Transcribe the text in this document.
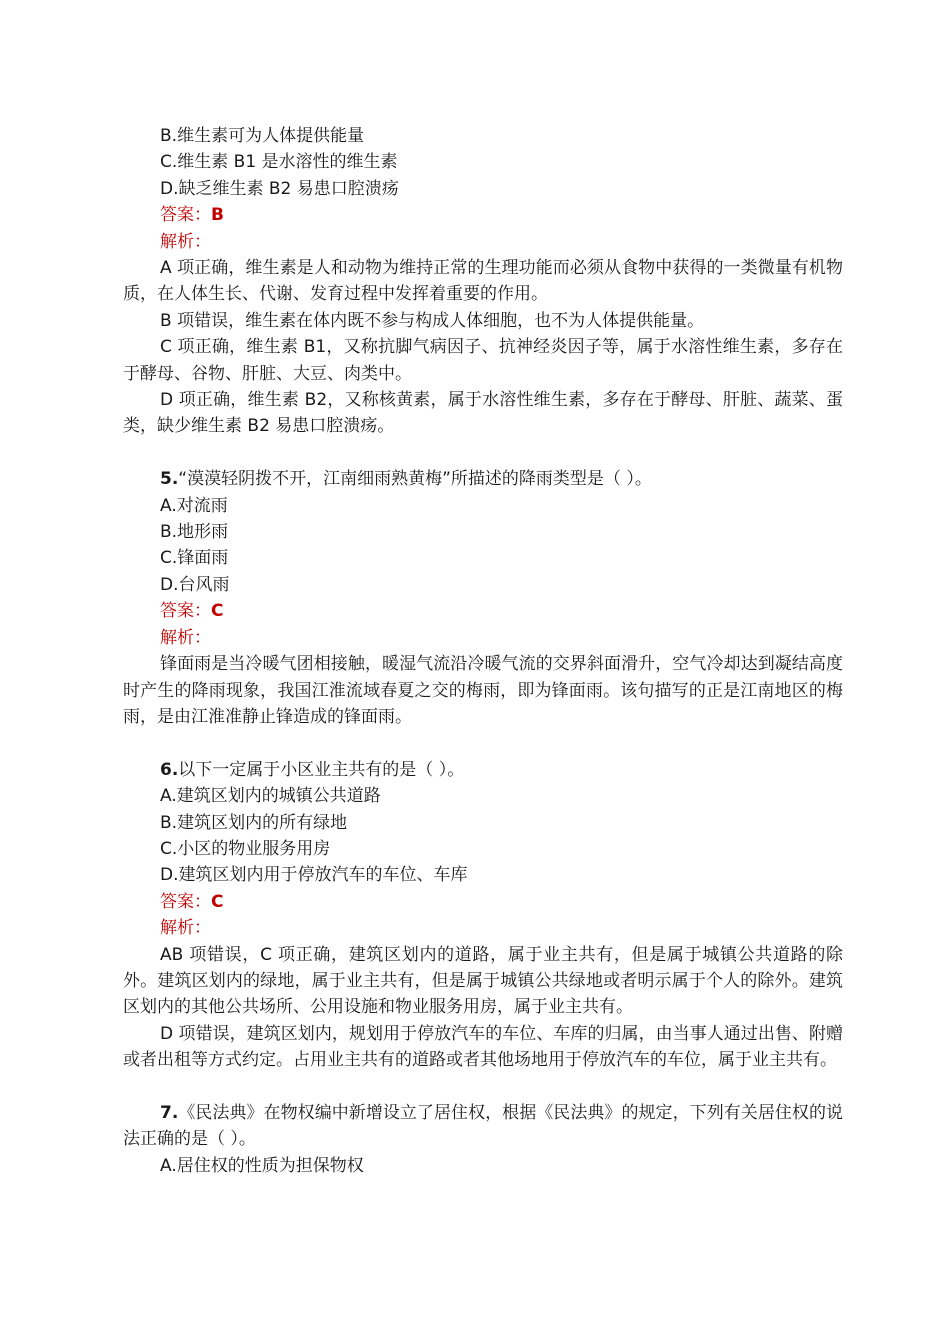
B.维生素可为人体提供能量
C.维生素 B1 是水溶性的维生素
D.缺乏维生素 B2 易患口腔溃疡
答案：B
解析：

A 项正确，维生素是人和动物为维持正常的生理功能而必须从食物中获得的一类微量有机物质，在人体生长、代谢、发育过程中发挥着重要的作用。

B 项错误，维生素在体内既不参与构成人体细胞，也不为人体提供能量。

C 项正确，维生素 B1，又称抗脚气病因子、抗神经炎因子等，属于水溶性维生素，多存在于酵母、谷物、肝脏、大豆、肉类中。

D 项正确，维生素 B2，又称核黄素，属于水溶性维生素，多存在于酵母、肝脏、蔬菜、蛋类，缺少维生素 B2 易患口腔溃疡。

5.“漠漠轻阴拨不开，江南细雨熟黄梅”所描述的降雨类型是（ ）。

A.对流雨
B.地形雨
C.锋面雨
D.台风雨
答案：C
解析：

锋面雨是当冷暖气团相接触，暖湿气流沿冷暖气流的交界斜面滑升，空气冷却达到凝结高度时产生的降雨现象，我国江淮流域春夏之交的梅雨，即为锋面雨。该句描写的正是江南地区的梅雨，是由江淮准静止锋造成的锋面雨。

6.以下一定属于小区业主共有的是（ ）。

A.建筑区划内的城镇公共道路
B.建筑区划内的所有绿地
C.小区的物业服务用房
D.建筑区划内用于停放汽车的车位、车库
答案：C
解析：

AB 项错误，C 项正确，建筑区划内的道路，属于业主共有，但是属于城镇公共道路的除外。建筑区划内的绿地，属于业主共有，但是属于城镇公共绿地或者明示属于个人的除外。建筑区划内的其他公共场所、公用设施和物业服务用房，属于业主共有。

D 项错误，建筑区划内，规划用于停放汽车的车位、车库的归属，由当事人通过出售、附赠或者出租等方式约定。占用业主共有的道路或者其他场地用于停放汽车的车位，属于业主共有。

7.《民法典》在物权编中新增设立了居住权，根据《民法典》的规定，下列有关居住权的说法正确的是（ ）。

A.居住权的性质为担保物权
